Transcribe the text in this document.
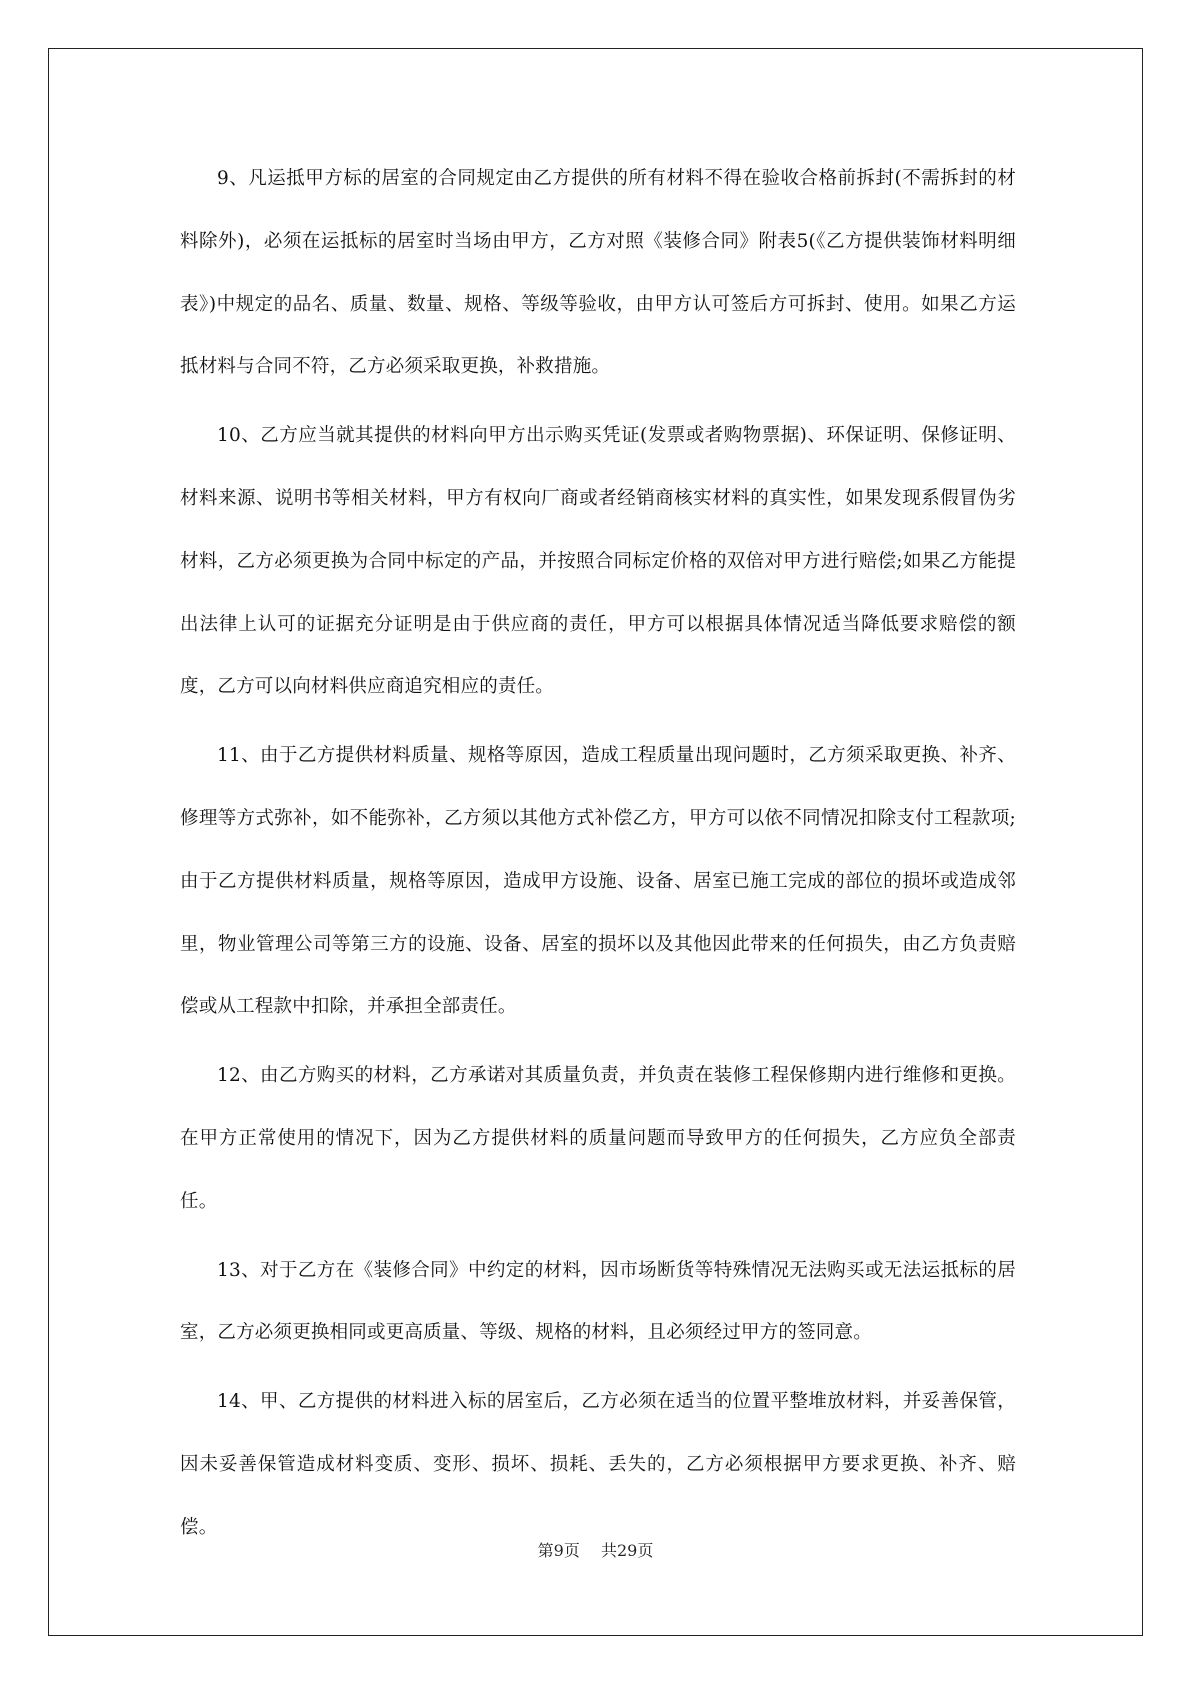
9、凡运抵甲方标的居室的合同规定由乙方提供的所有材料不得在验收合格前拆封(不需拆封的材料除外)，必须在运抵标的居室时当场由甲方，乙方对照《装修合同》附表5(《乙方提供装饰材料明细表》)中规定的品名、质量、数量、规格、等级等验收，由甲方认可签后方可拆封、使用。如果乙方运抵材料与合同不符，乙方必须采取更换，补救措施。

10、乙方应当就其提供的材料向甲方出示购买凭证(发票或者购物票据)、环保证明、保修证明、材料来源、说明书等相关材料，甲方有权向厂商或者经销商核实材料的真实性，如果发现系假冒伪劣材料，乙方必须更换为合同中标定的产品，并按照合同标定价格的双倍对甲方进行赔偿;如果乙方能提出法律上认可的证据充分证明是由于供应商的责任，甲方可以根据具体情况适当降低要求赔偿的额度，乙方可以向材料供应商追究相应的责任。

11、由于乙方提供材料质量、规格等原因，造成工程质量出现问题时，乙方须采取更换、补齐、修理等方式弥补，如不能弥补，乙方须以其他方式补偿乙方，甲方可以依不同情况扣除支付工程款项;由于乙方提供材料质量，规格等原因，造成甲方设施、设备、居室已施工完成的部位的损坏或造成邻里，物业管理公司等第三方的设施、设备、居室的损坏以及其他因此带来的任何损失，由乙方负责赔偿或从工程款中扣除，并承担全部责任。

12、由乙方购买的材料，乙方承诺对其质量负责，并负责在装修工程保修期内进行维修和更换。在甲方正常使用的情况下，因为乙方提供材料的质量问题而导致甲方的任何损失，乙方应负全部责任。

13、对于乙方在《装修合同》中约定的材料，因市场断货等特殊情况无法购买或无法运抵标的居室，乙方必须更换相同或更高质量、等级、规格的材料，且必须经过甲方的签同意。

14、甲、乙方提供的材料进入标的居室后，乙方必须在适当的位置平整堆放材料，并妥善保管，因未妥善保管造成材料变质、变形、损坏、损耗、丢失的，乙方必须根据甲方要求更换、补齐、赔偿。

第9页 共29页
